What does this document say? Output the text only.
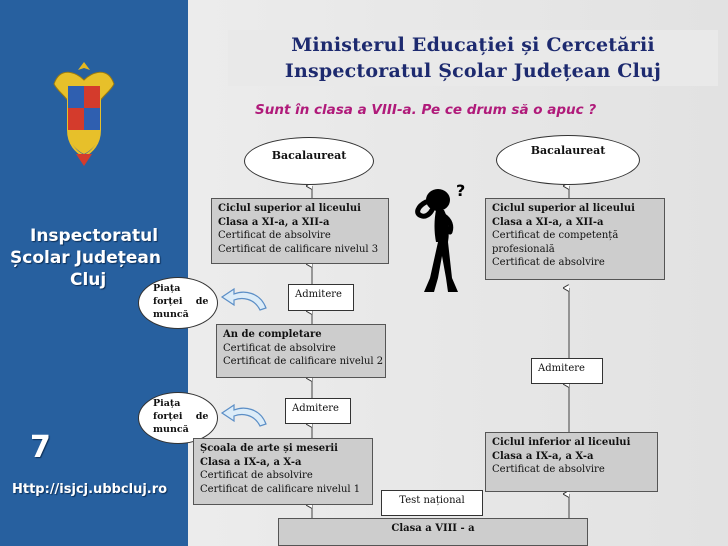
Inspectoratul
Școlar Județean
Cluj
7
Http://isjcj.ubbcluj.ro
Ministerul Educației și Cercetării
Inspectoratul Școlar Județean Cluj
Sunt în clasa a VIII-a. Pe ce drum să o apuc ?
Bacalaureat	Bacalaureat
Ciclul superior al liceului
Clasa a XI-a, a XII-a
Certificat de absolvire
Certificat de calificare nivelul 3
Ciclul superior al liceului
Clasa a XI-a, a XII-a
Certificat de competență
profesională
Certificat de absolvire
Admitere
Piața
forței    de
muncă
?
An de completare
Certificat de absolvire
Certificat de calificare nivelul 2
Admitere
Admitere
Piața
forței    de
muncă
Școala de arte și meserii
Clasa a IX-a, a X-a
Certificat de absolvire
Certificat de calificare nivelul 1
Ciclul inferior al liceului
Clasa a IX-a, a X-a
Certificat de absolvire
Test național
Clasa a VIII - a
